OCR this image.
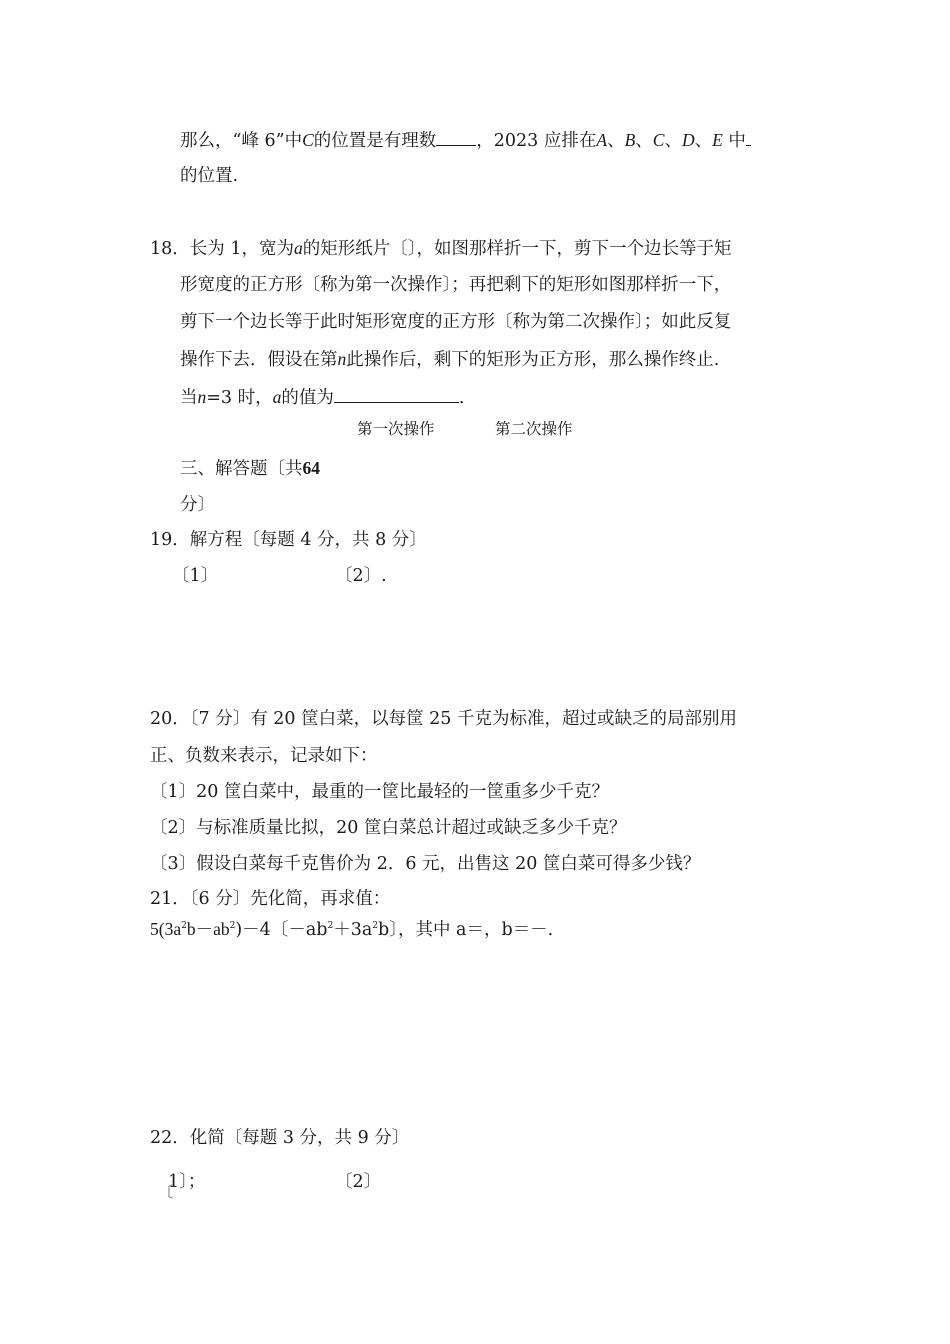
那么，“峰 6”中C的位置是有理数 ，2023 应排在A、B、C、D、E 中
的位置.
18．长为 1，宽为a的矩形纸片〔〕，如图那样折一下，剪下一个边长等于矩
形宽度的正方形〔称为第一次操作〕；再把剩下的矩形如图那样折一下，
剪下一个边长等于此时矩形宽度的正方形〔称为第二次操作〕；如此反复
操作下去．假设在第n此操作后，剩下的矩形为正方形，那么操作终止.
当n=3 时，a的值为	.
第一次操作	第二次操作
三、解答题〔共64
分〕
19．解方程〔每题 4 分，共 8 分〕
〔1〕	〔2〕.
20．〔7 分〕有 20 筐白菜，以每筐 25 千克为标准，超过或缺乏的局部别用
正、负数来表示，记录如下：
〔1〕20 筐白菜中，最重的一筐比最轻的一筐重多少千克？
〔2〕与标准质量比拟，20 筐白菜总计超过或缺乏多少千克？
〔3〕假设白菜每千克售价为 2．6 元，出售这 20 筐白菜可得多少钱？
21．〔6 分〕先化简，再求值：
$5(3a^2b-ab^2)-4$〔$-ab^2+3a^2b$〕，其中 a＝，b＝－.
22．化简〔每题 3 分，共 9 分〕
〔
1〕；	〔2〕
